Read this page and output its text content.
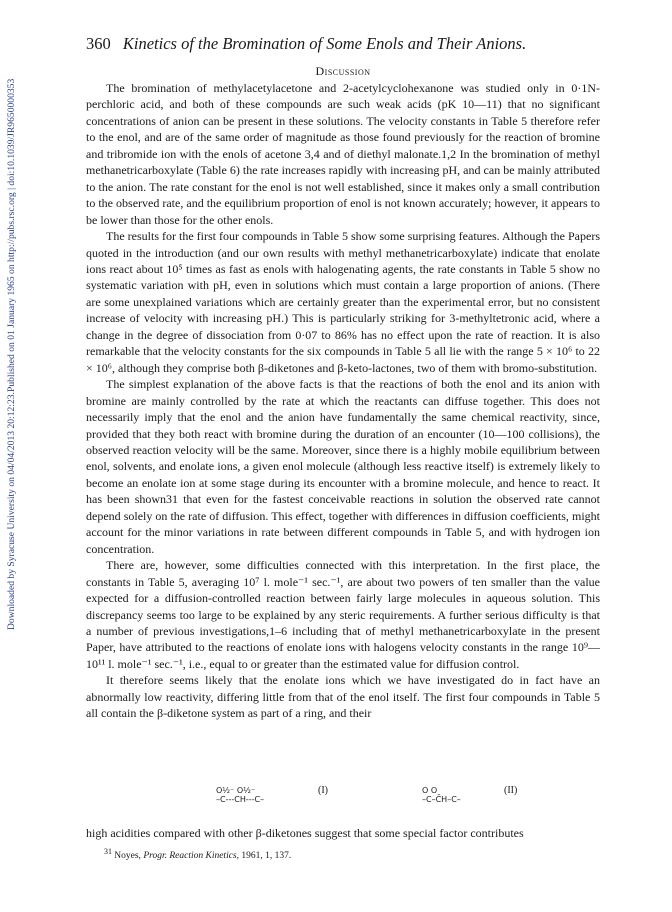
Downloaded by Syracuse University on 04/04/2013 20:12:23.
Published on 01 January 1965 on http://pubs.rsc.org | doi:10.1039/JR9650000353
360 Kinetics of the Bromination of Some Enols and Their Anions.
Discussion

The bromination of methylacetylacetone and 2-acetylcyclohexanone was studied only in 0·1N-perchloric acid, and both of these compounds are such weak acids (pK 10—11) that no significant concentrations of anion can be present in these solutions. The velocity constants in Table 5 therefore refer to the enol, and are of the same order of magnitude as those found previously for the reaction of bromine and tribromide ion with the enols of acetone 3,4 and of diethyl malonate.1,2 In the bromination of methyl methanetricarboxylate (Table 6) the rate increases rapidly with increasing pH, and can be mainly attributed to the anion. The rate constant for the enol is not well established, since it makes only a small contribution to the observed rate, and the equilibrium proportion of enol is not known accurately; however, it appears to be lower than those for the other enols.

The results for the first four compounds in Table 5 show some surprising features. Although the Papers quoted in the introduction (and our own results with methyl methanetricarboxylate) indicate that enolate ions react about 10⁵ times as fast as enols with halogenating agents, the rate constants in Table 5 show no systematic variation with pH, even in solutions which must contain a large proportion of anions. (There are some unexplained variations which are certainly greater than the experimental error, but no consistent increase of velocity with increasing pH.) This is particularly striking for 3-methyltetronic acid, where a change in the degree of dissociation from 0·07 to 86% has no effect upon the rate of reaction. It is also remarkable that the velocity constants for the six compounds in Table 5 all lie with the range 5 × 10⁶ to 22 × 10⁶, although they comprise both β-diketones and β-keto-lactones, two of them with bromo-substitution.

The simplest explanation of the above facts is that the reactions of both the enol and its anion with bromine are mainly controlled by the rate at which the reactants can diffuse together. This does not necessarily imply that the enol and the anion have fundamentally the same chemical reactivity, since, provided that they both react with bromine during the duration of an encounter (10—100 collisions), the observed reaction velocity will be the same. Moreover, since there is a highly mobile equilibrium between enol, solvents, and enolate ions, a given enol molecule (although less reactive itself) is extremely likely to become an enolate ion at some stage during its encounter with a bromine molecule, and hence to react. It has been shown31 that even for the fastest conceivable reactions in solution the observed rate cannot depend solely on the rate of diffusion. This effect, together with differences in diffusion coefficients, might account for the minor variations in rate between different compounds in Table 5, and with hydrogen ion concentration.

There are, however, some difficulties connected with this interpretation. In the first place, the constants in Table 5, averaging 10⁷ l. mole⁻¹ sec.⁻¹, are about two powers of ten smaller than the value expected for a diffusion-controlled reaction between fairly large molecules in aqueous solution. This discrepancy seems too large to be explained by any steric requirements. A further serious difficulty is that a number of previous investigations,1–6 including that of methyl methanetricarboxylate in the present Paper, have attributed to the reactions of enolate ions with halogens velocity constants in the range 10⁹—10¹¹ l. mole⁻¹ sec.⁻¹, i.e., equal to or greater than the estimated value for diffusion control.

It therefore seems likely that the enolate ions which we have investigated do in fact have an abnormally low reactivity, differing little from that of the enol itself. The first four compounds in Table 5 all contain the β-diketone system as part of a ring, and their

O½⁻ O½⁻
–C---CH---C–
(I)	O O
–C–C̄H–C–
(II)
high acidities compared with other β-diketones suggest that some special factor contributes
$^{31}$ Noyes, Progr. Reaction Kinetics, 1961, 1, 137.
